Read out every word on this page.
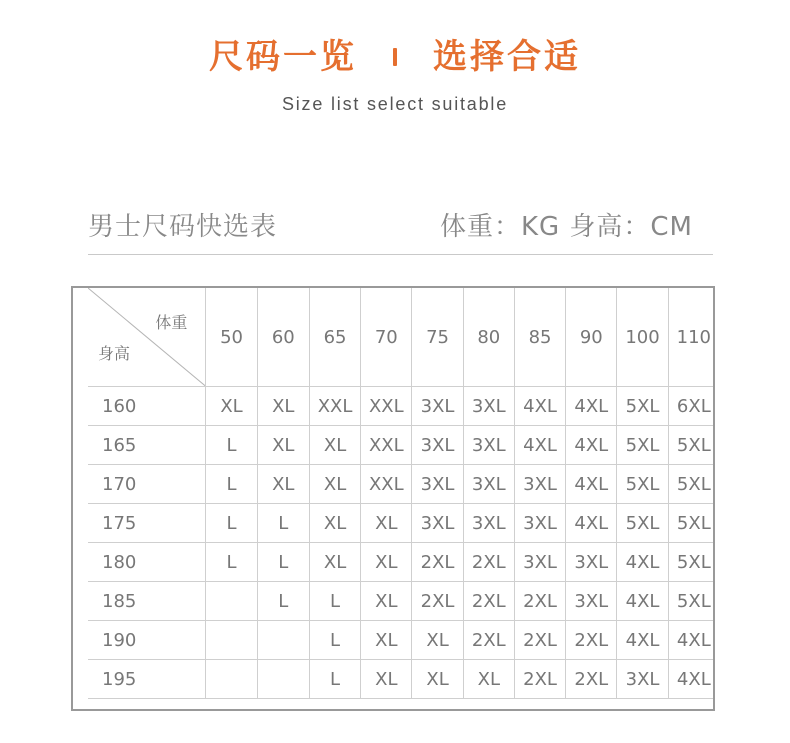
尺码一览 选择合适
Size list select suitable
男士尺码快选表	体重：KG 身高：CM
体重
身高	50	60	65	70	75	80	85	90	100	110
160	XL	XL	XXL	XXL	3XL	3XL	4XL	4XL	5XL	6XL
165	L	XL	XL	XXL	3XL	3XL	4XL	4XL	5XL	5XL
170	L	XL	XL	XXL	3XL	3XL	3XL	4XL	5XL	5XL
175	L	L	XL	XL	3XL	3XL	3XL	4XL	5XL	5XL
180	L	L	XL	XL	2XL	2XL	3XL	3XL	4XL	5XL
185		L	L	XL	2XL	2XL	2XL	3XL	4XL	5XL
190			L	XL	XL	2XL	2XL	2XL	4XL	4XL
195			L	XL	XL	XL	2XL	2XL	3XL	4XL
